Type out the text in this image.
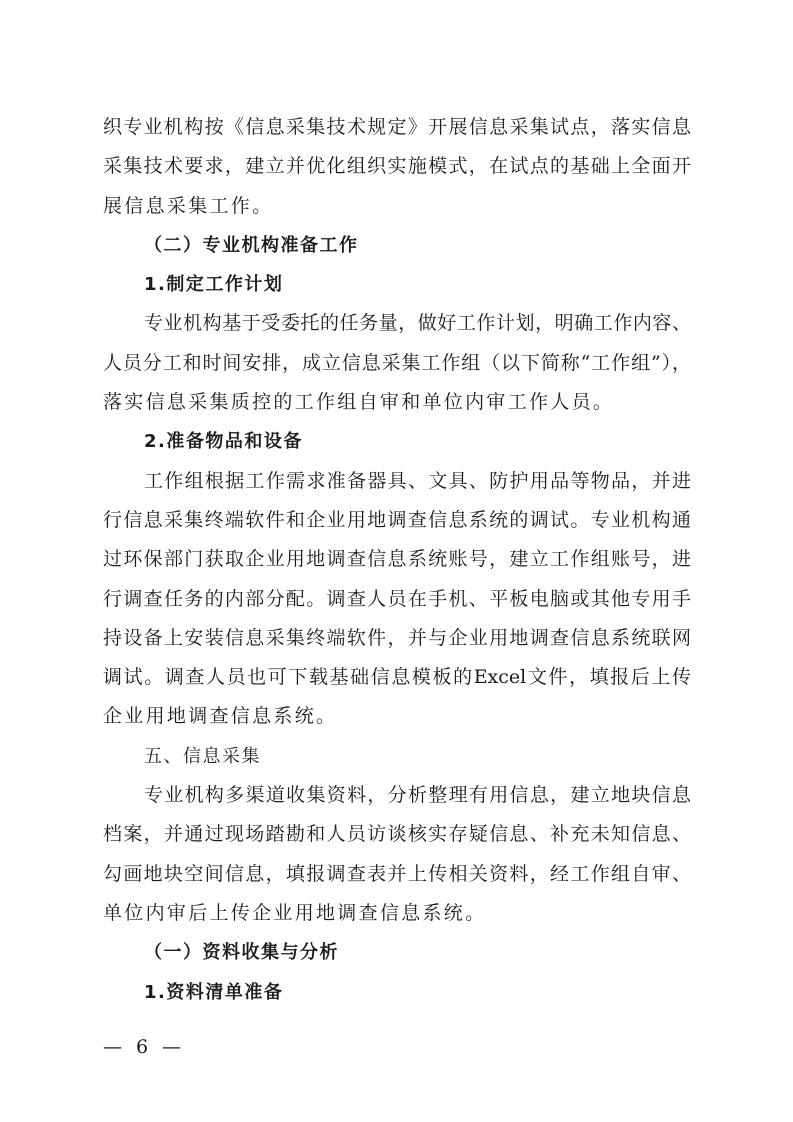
织专业机构按《信息采集技术规定》开展信息采集试点，落实信息
采集技术要求，建立并优化组织实施模式，在试点的基础上全面开
展信息采集工作。
（二）专业机构准备工作
1.制定工作计划
专业机构基于受委托的任务量，做好工作计划，明确工作内容、
人员分工和时间安排，成立信息采集工作组（以下简称“工作组”），
落实信息采集质控的工作组自审和单位内审工作人员。
2.准备物品和设备
工作组根据工作需求准备器具、文具、防护用品等物品，并进
行信息采集终端软件和企业用地调查信息系统的调试。专业机构通
过环保部门获取企业用地调查信息系统账号，建立工作组账号，进
行调查任务的内部分配。调查人员在手机、平板电脑或其他专用手
持设备上安装信息采集终端软件，并与企业用地调查信息系统联网
调试。调查人员也可下载基础信息模板的Excel文件，填报后上传
企业用地调查信息系统。
五、信息采集
专业机构多渠道收集资料，分析整理有用信息，建立地块信息
档案，并通过现场踏勘和人员访谈核实存疑信息、补充未知信息、
勾画地块空间信息，填报调查表并上传相关资料，经工作组自审、
单位内审后上传企业用地调查信息系统。
（一）资料收集与分析
1.资料清单准备
— 6 —
